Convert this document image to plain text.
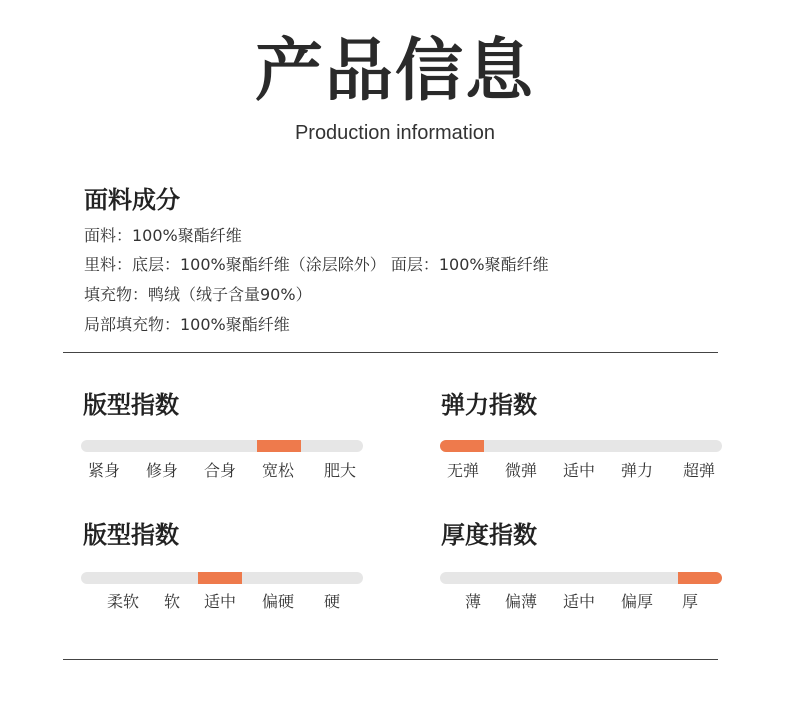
产品信息
Production information
面料成分
面料：100%聚酯纤维
里料：底层：100%聚酯纤维（涂层除外） 面层：100%聚酯纤维
填充物：鸭绒（绒子含量90%）
局部填充物：100%聚酯纤维
版型指数	弹力指数
版型指数	厚度指数
紧身 修身 合身 宽松 肥大	无弹 微弹 适中 弹力 超弹
柔软 软 适中 偏硬 硬	薄 偏薄 适中 偏厚 厚
